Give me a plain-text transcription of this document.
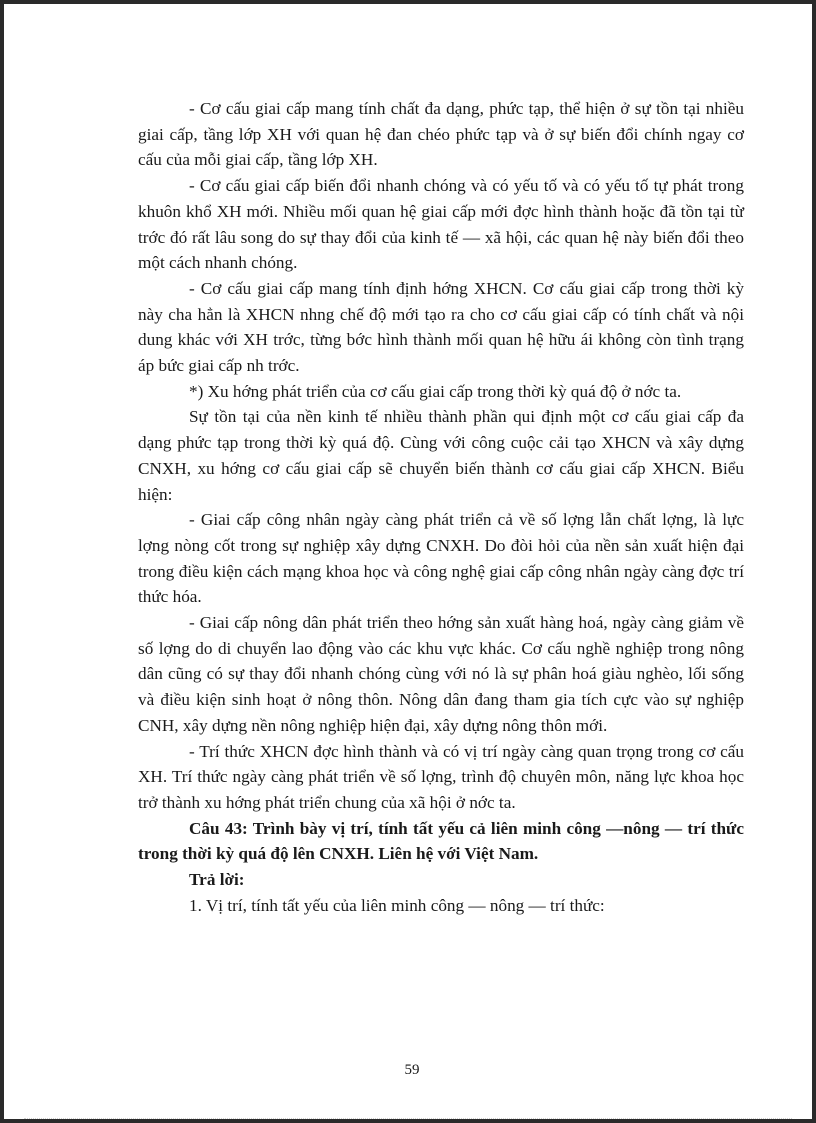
- Cơ cấu giai cấp mang tính chất đa dạng, phức tạp, thể hiện ở sự tồn tại nhiều giai cấp, tầng lớp XH với quan hệ đan chéo phức tạp và ở sự biến đổi chính ngay cơ cấu của mỗi giai cấp, tầng lớp XH.

- Cơ cấu giai cấp biến đổi nhanh chóng và có yếu tố và có yếu tố tự phát trong khuôn khổ XH mới. Nhiều mối quan hệ giai cấp mới đợc hình thành hoặc đã tồn tại từ trớc đó rất lâu song do sự thay đổi của kinh tế — xã hội, các quan hệ này biến đổi theo một cách nhanh chóng.

- Cơ cấu giai cấp mang tính định hớng XHCN. Cơ cấu giai cấp trong thời kỳ này cha hẳn là XHCN nhng chế độ mới tạo ra cho cơ cấu giai cấp có tính chất và nội dung khác với XH trớc, từng bớc hình thành mối quan hệ hữu ái không còn tình trạng áp bức giai cấp nh trớc.

*) Xu hớng phát triển của cơ cấu giai cấp trong thời kỳ quá độ ở nớc ta.

Sự tồn tại của nền kinh tế nhiều thành phần qui định một cơ cấu giai cấp đa dạng phức tạp trong thời kỳ quá độ. Cùng với công cuộc cải tạo XHCN và xây dựng CNXH, xu hớng cơ cấu giai cấp sẽ chuyển biến thành cơ cấu giai cấp XHCN. Biểu hiện:

- Giai cấp công nhân ngày càng phát triển cả về số lợng lẫn chất lợng, là lực lợng nòng cốt trong sự nghiệp xây dựng CNXH. Do đòi hỏi của nền sản xuất hiện đại trong điều kiện cách mạng khoa học và công nghệ giai cấp công nhân ngày càng đợc trí thức hóa.

- Giai cấp nông dân phát triển theo hớng sản xuất hàng hoá, ngày càng giảm về số lợng do di chuyển lao động vào các khu vực khác. Cơ cấu nghề nghiệp trong nông dân cũng có sự thay đổi nhanh chóng cùng với nó là sự phân hoá giàu nghèo, lối sống và điều kiện sinh hoạt ở nông thôn. Nông dân đang tham gia tích cực vào sự nghiệp CNH, xây dựng nền nông nghiệp hiện đại, xây dựng nông thôn mới.

- Trí thức XHCN đợc hình thành và có vị trí ngày càng quan trọng trong cơ cấu XH. Trí thức ngày càng phát triển về số lợng, trình độ chuyên môn, năng lực khoa học trở thành xu hớng phát triển chung của xã hội ở nớc ta.

Câu 43: Trình bày vị trí, tính tất yếu cả liên minh công —nông — trí thức trong thời kỳ quá độ lên CNXH. Liên hệ với Việt Nam.

Trả lời:

1. Vị trí, tính tất yếu của liên minh công — nông — trí thức:

59
